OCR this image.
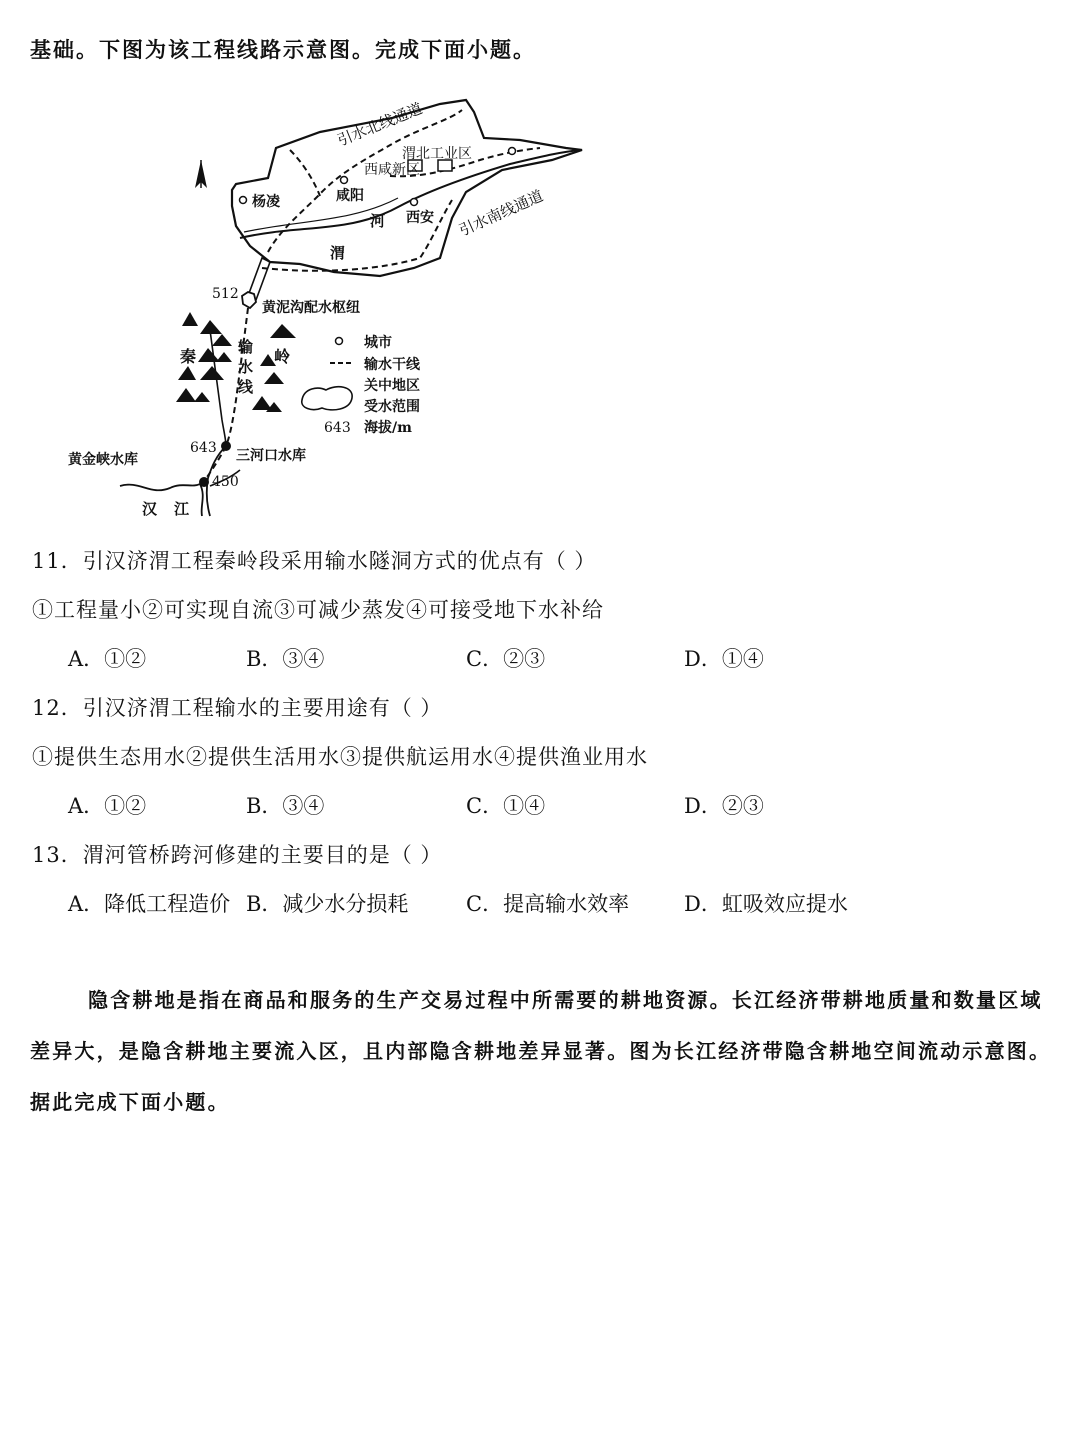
基础。下图为该工程线路示意图。完成下面小题。
引水北线通道
引水南线通道
渭北工业区
西咸新区
杨凌	咸阳
河 西安
渭
512
黄泥沟配水枢纽
秦	岭
输
水
线
643 三河口水库
黄金峡水库
450
汉 江
城市
输水干线
关中地区
受水范围
643 海拔/m
11．引汉济渭工程秦岭段采用输水隧洞方式的优点有（ ）
①工程量小②可实现自流③可减少蒸发④可接受地下水补给
A．①②	B．③④	C．②③	D．①④
12．引汉济渭工程输水的主要用途有（ ）
①提供生态用水②提供生活用水③提供航运用水④提供渔业用水
A．①②	B．③④	C．①④	D．②③
13．渭河管桥跨河修建的主要目的是（ ）
A．降低工程造价 B．减少水分损耗	C．提高输水效率	D．虹吸效应提水
隐含耕地是指在商品和服务的生产交易过程中所需要的耕地资源。长江经济带耕地质量和数量区域差异大，是隐含耕地主要流入区，且内部隐含耕地差异显著。图为长江经济带隐含耕地空间流动示意图。据此完成下面小题。
